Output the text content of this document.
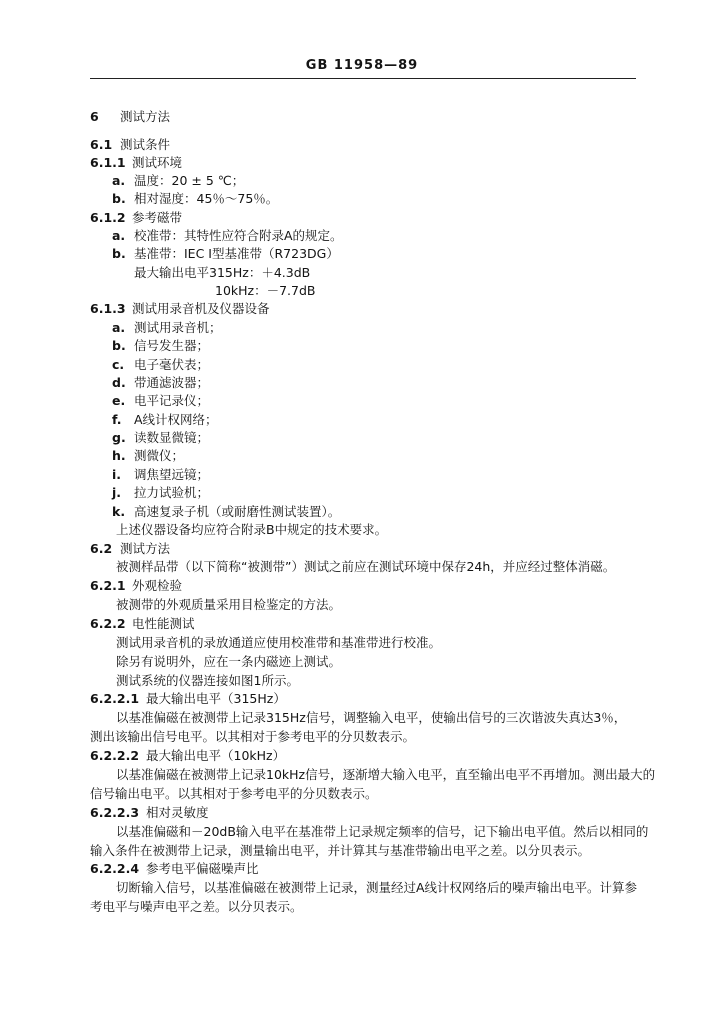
GB 11958—89
6 测试方法
6.1 测试条件
6.1.1 测试环境
a. 温度：20 ± 5 ℃；
b. 相对湿度：45％～75％。
6.1.2 参考磁带
a. 校准带：其特性应符合附录A的规定。
b. 基准带：IEC Ⅰ型基准带（R723DG）
最大输出电平315Hz：＋4.3dB
10kHz：－7.7dB
6.1.3 测试用录音机及仪器设备
a. 测试用录音机；
b. 信号发生器；
c. 电子毫伏表；
d. 带通滤波器；
e. 电平记录仪；
f. A线计权网络；
g. 读数显微镜；
h. 测微仪；
i. 调焦望远镜；
j. 拉力试验机；
k. 高速复录子机（或耐磨性测试装置）。
上述仪器设备均应符合附录B中规定的技术要求。
6.2 测试方法
被测样品带（以下简称“被测带”）测试之前应在测试环境中保存24h，并应经过整体消磁。
6.2.1 外观检验
被测带的外观质量采用目检鉴定的方法。
6.2.2 电性能测试
测试用录音机的录放通道应使用校准带和基准带进行校准。
除另有说明外，应在一条内磁迹上测试。
测试系统的仪器连接如图1所示。
6.2.2.1 最大输出电平（315Hz）
以基准偏磁在被测带上记录315Hz信号，调整输入电平，使输出信号的三次谐波失真达3％，
测出该输出信号电平。以其相对于参考电平的分贝数表示。
6.2.2.2 最大输出电平（10kHz）
以基准偏磁在被测带上记录10kHz信号，逐渐增大输入电平，直至输出电平不再增加。测出最大的
信号输出电平。以其相对于参考电平的分贝数表示。
6.2.2.3 相对灵敏度
以基准偏磁和－20dB输入电平在基准带上记录规定频率的信号，记下输出电平值。然后以相同的
输入条件在被测带上记录，测量输出电平，并计算其与基准带输出电平之差。以分贝表示。
6.2.2.4 参考电平偏磁噪声比
切断输入信号，以基准偏磁在被测带上记录，测量经过A线计权网络后的噪声输出电平。计算参
考电平与噪声电平之差。以分贝表示。
